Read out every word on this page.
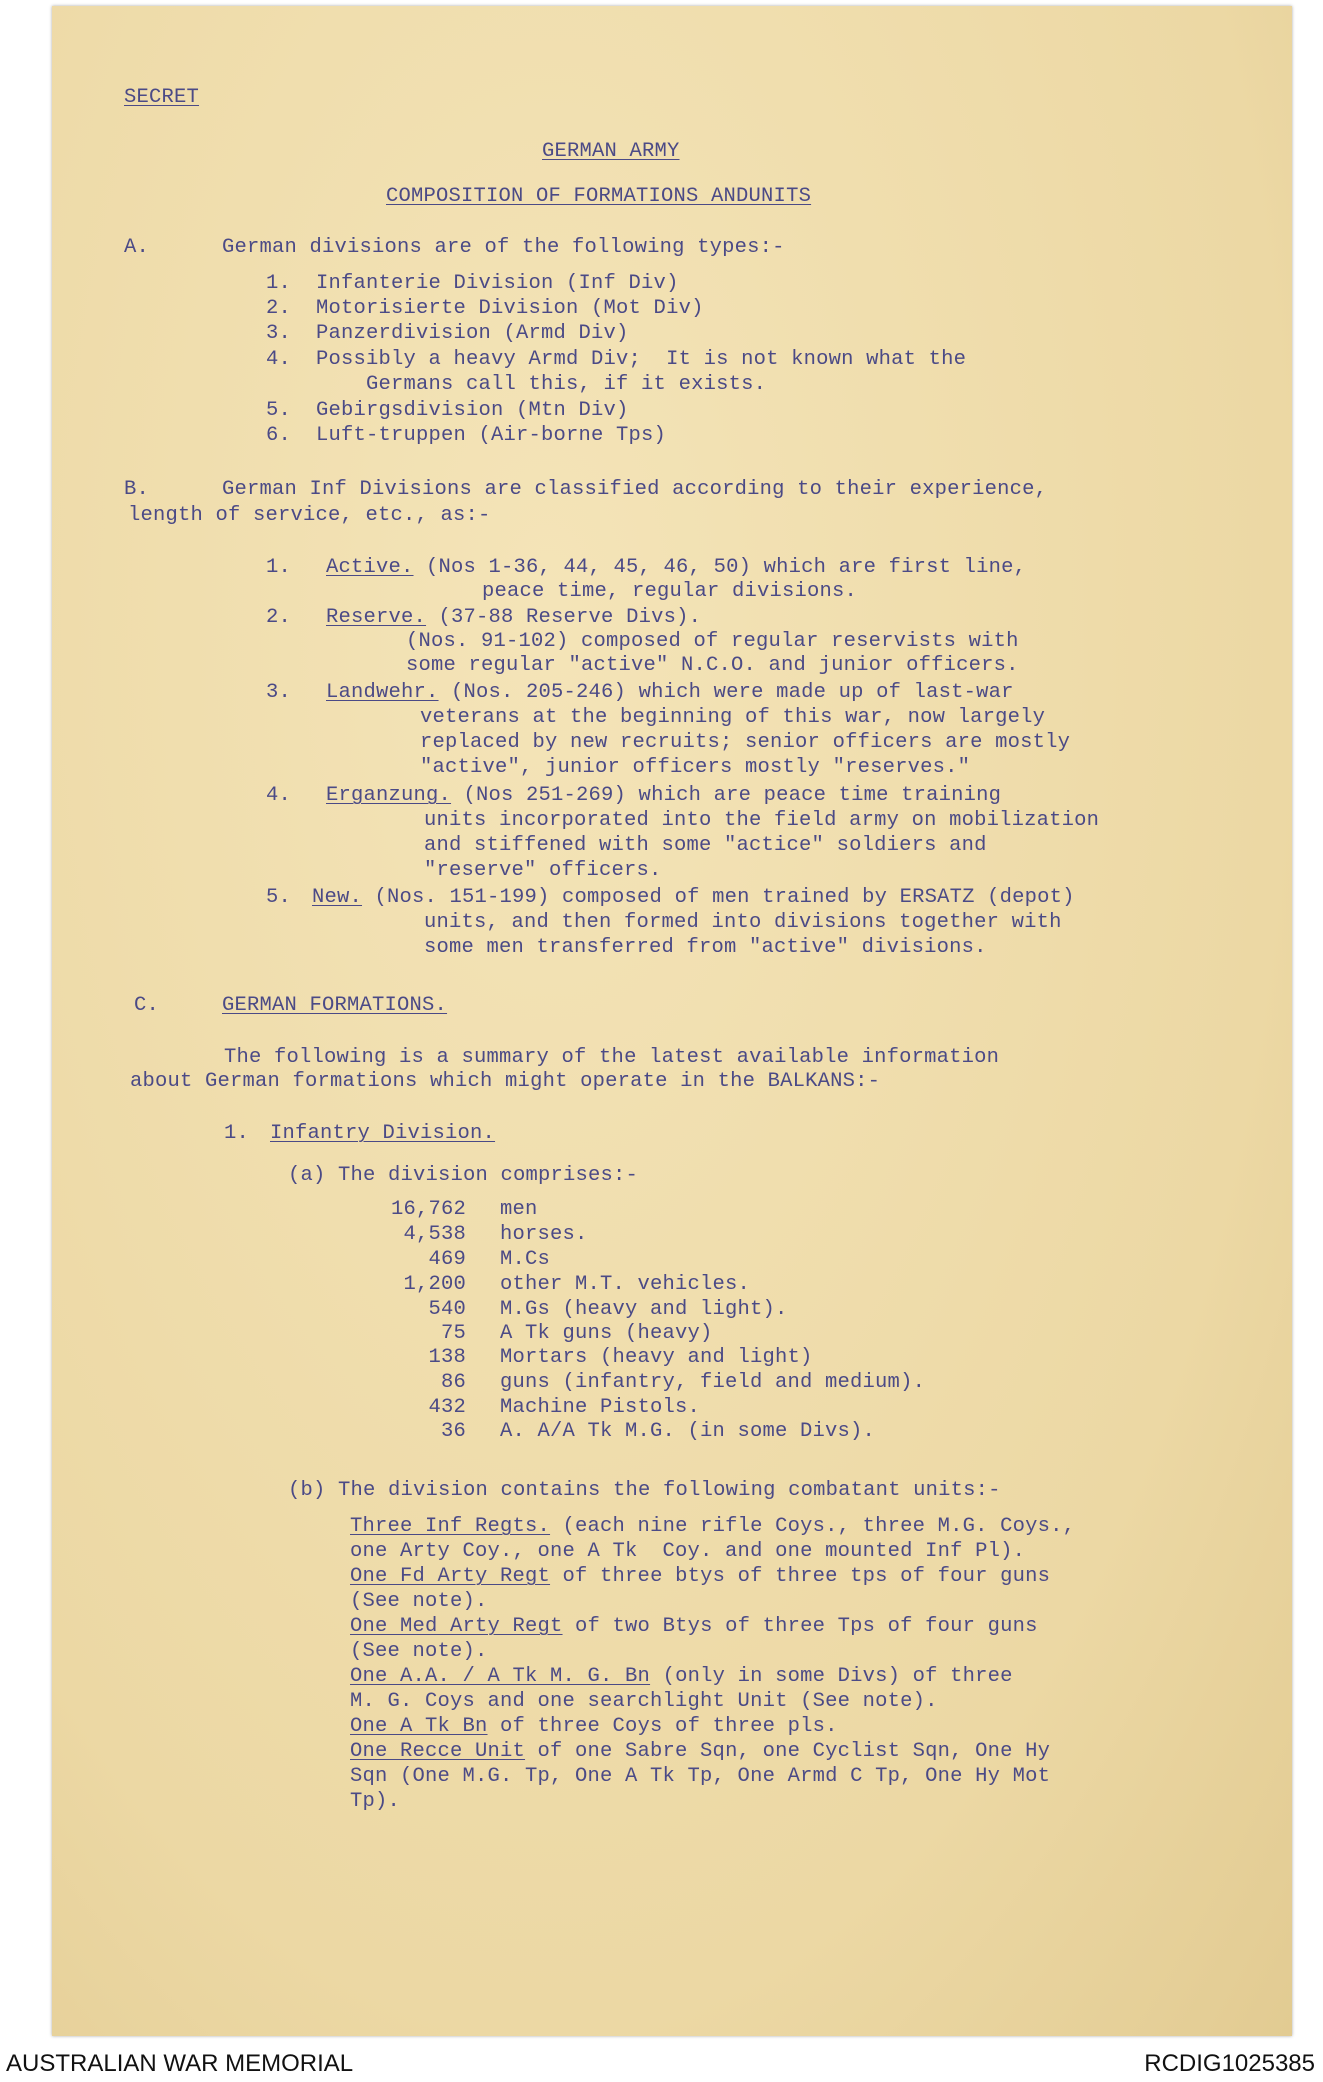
SECRET
GERMAN ARMY
COMPOSITION OF FORMATIONS ANDUNITS
A.	German divisions are of the following types:-
1.  Infanterie Division (Inf Div)
2.  Motorisierte Division (Mot Div)
3.  Panzerdivision (Armd Div)
4.  Possibly a heavy Armd Div;  It is not known what the
Germans call this, if it exists.
5.  Gebirgsdivision (Mtn Div)
6.  Luft-truppen (Air-borne Tps)
B.	German Inf Divisions are classified according to their experience,
length of service, etc., as:-
1. Active. (Nos 1-36, 44, 45, 46, 50) which are first line,
peace time, regular divisions.
2. Reserve. (37-88 Reserve Divs).
(Nos. 91-102) composed of regular reservists with
some regular "active" N.C.O. and junior officers.
3. Landwehr. (Nos. 205-246) which were made up of last-war
veterans at the beginning of this war, now largely
replaced by new recruits; senior officers are mostly
"active", junior officers mostly "reserves."
4. Erganzung. (Nos 251-269) which are peace time training
units incorporated into the field army on mobilization
and stiffened with some "actice" soldiers and
"reserve" officers.
5. New. (Nos. 151-199) composed of men trained by ERSATZ (depot)
units, and then formed into divisions together with
some men transferred from "active" divisions.
C.	GERMAN FORMATIONS.
The following is a summary of the latest available information
about German formations which might operate in the BALKANS:-
1. Infantry Division.
(a) The division comprises:-
16,762 men
4,538 horses.
469 M.Cs
1,200 other M.T. vehicles.
540 M.Gs (heavy and light).
75 A Tk guns (heavy)
138 Mortars (heavy and light)
86 guns (infantry, field and medium).
432 Machine Pistols.
36 A. A/A Tk M.G. (in some Divs).
(b) The division contains the following combatant units:-
Three Inf Regts. (each nine rifle Coys., three M.G. Coys.,
one Arty Coy., one A Tk  Coy. and one mounted Inf Pl).
One Fd Arty Regt of three btys of three tps of four guns
(See note).
One Med Arty Regt of two Btys of three Tps of four guns
(See note).
One A.A. / A Tk M. G. Bn (only in some Divs) of three
M. G. Coys and one searchlight Unit (See note).
One A Tk Bn of three Coys of three pls.
One Recce Unit of one Sabre Sqn, one Cyclist Sqn, One Hy
Sqn (One M.G. Tp, One A Tk Tp, One Armd C Tp, One Hy Mot
Tp).
AUSTRALIAN WAR MEMORIAL	RCDIG1025385
